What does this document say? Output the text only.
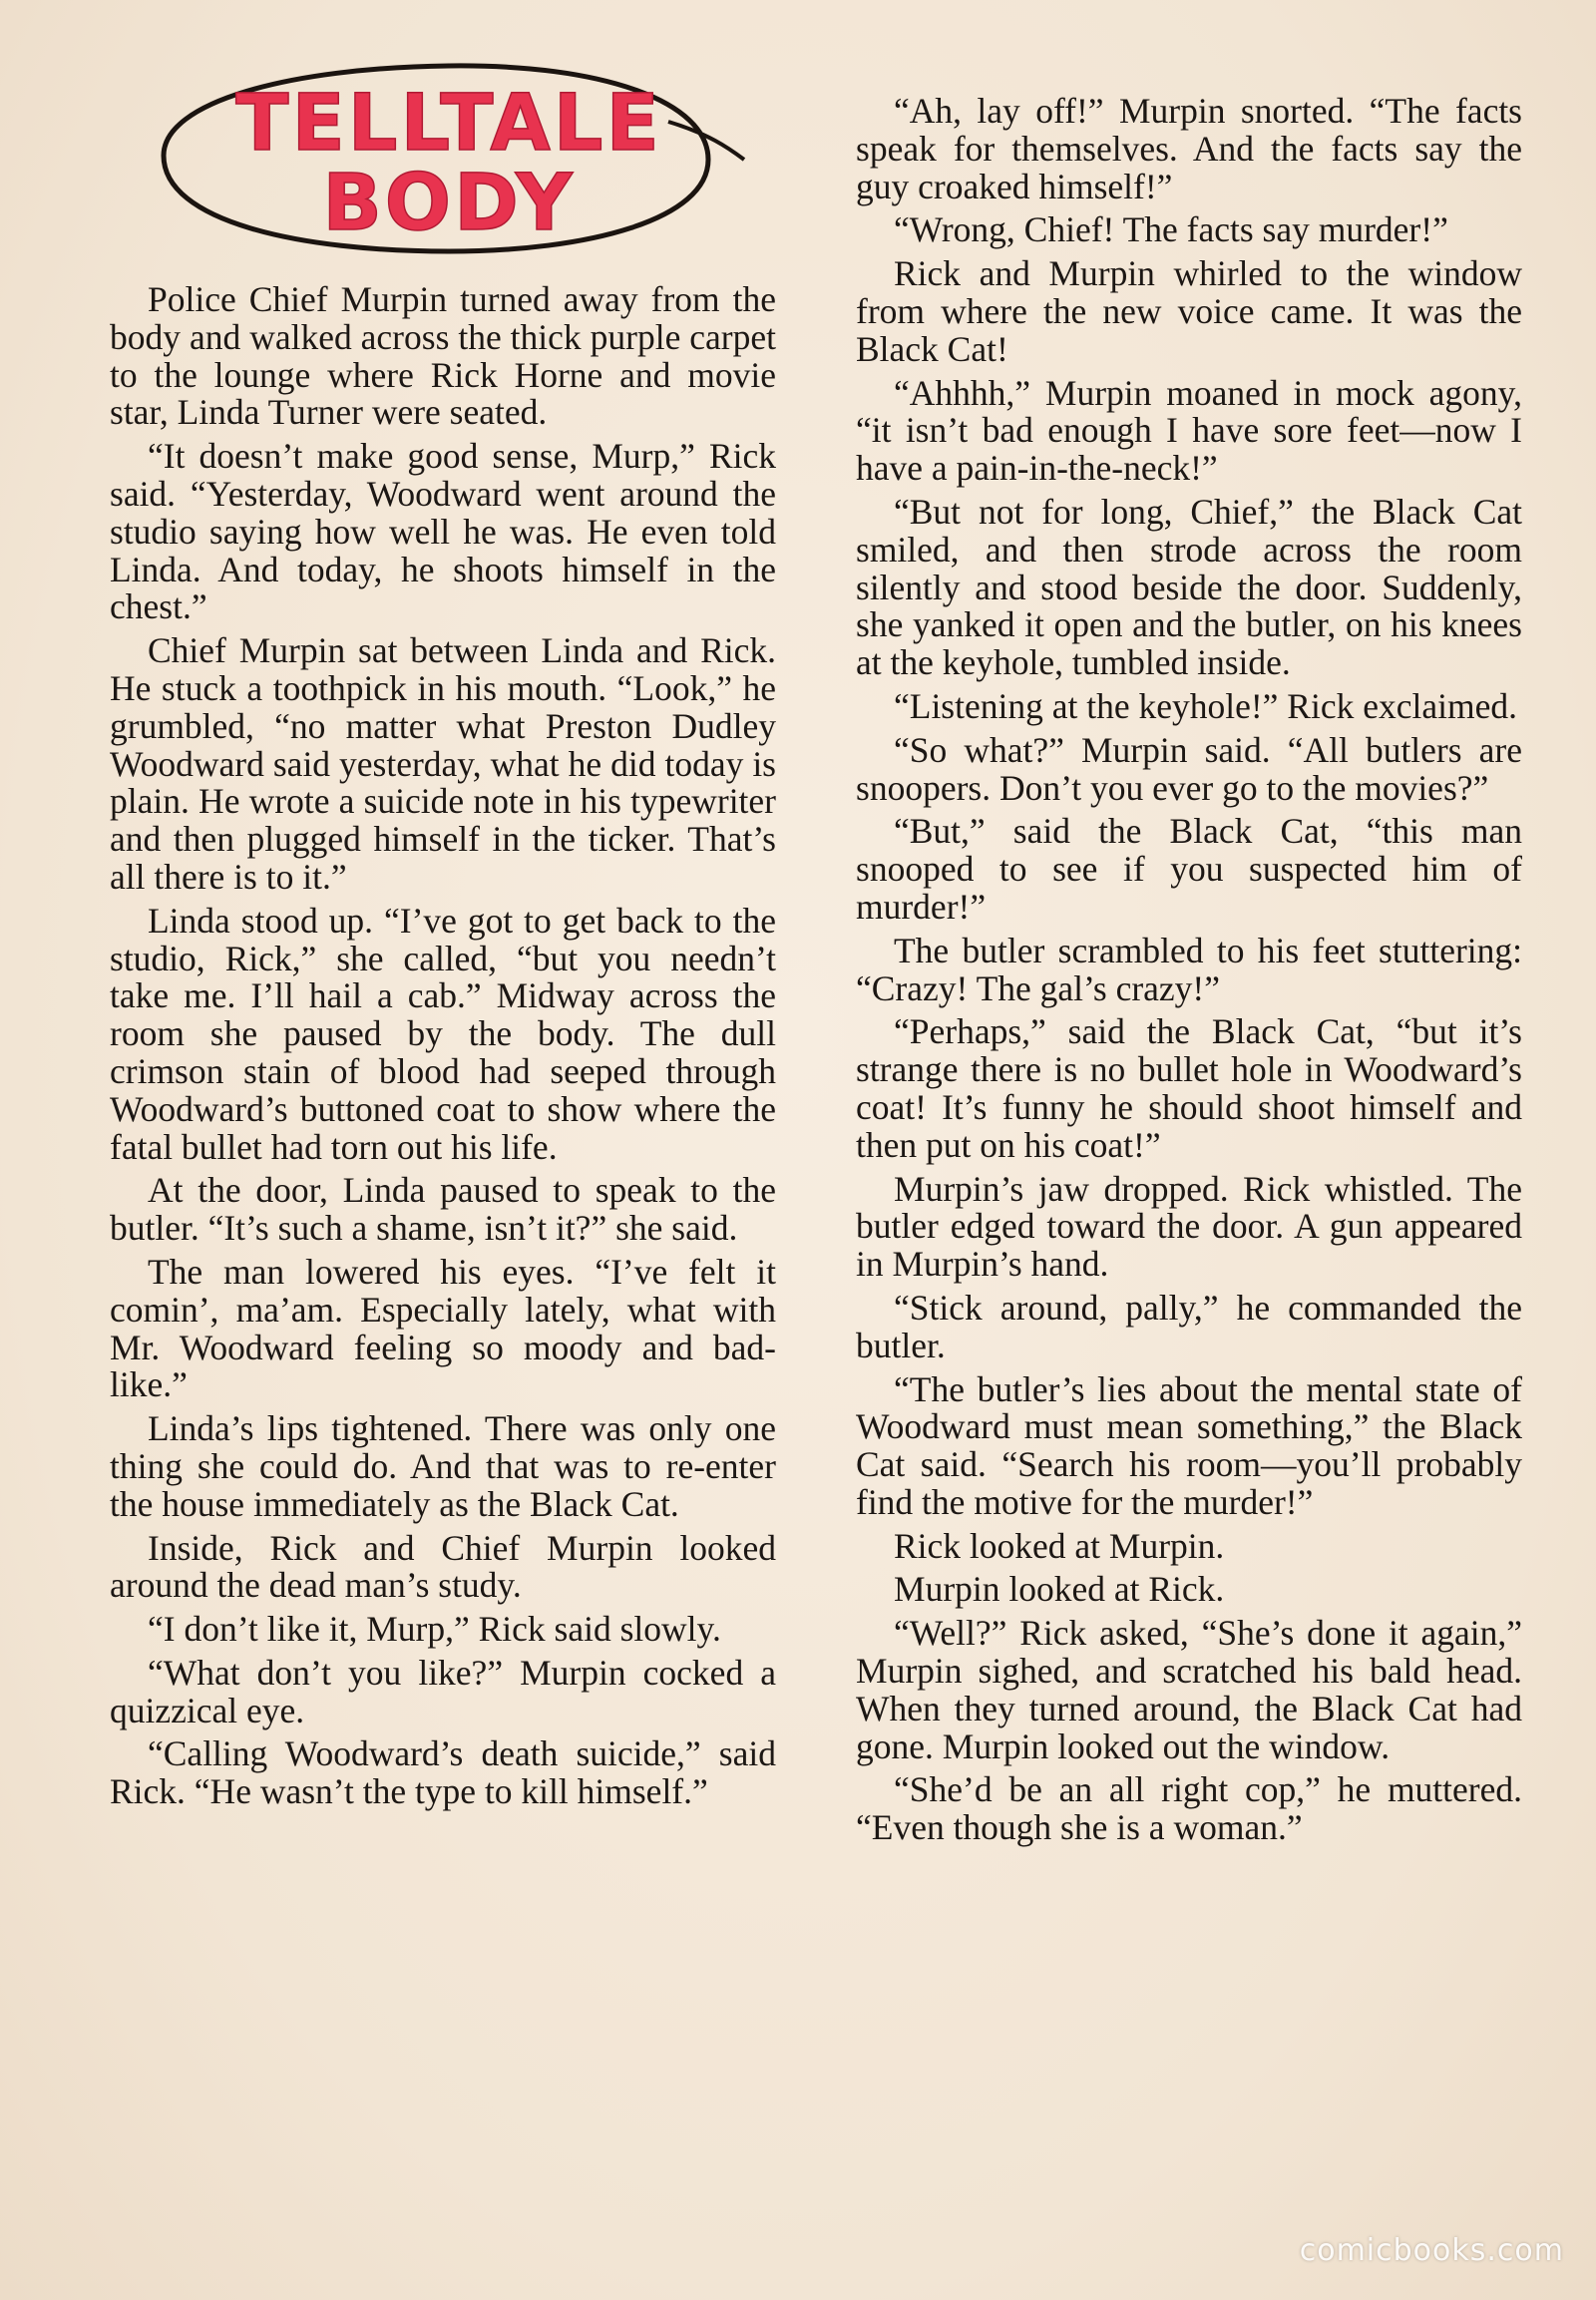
TELLTALE
BODY

Police Chief Murpin turned away from the body and walked across the thick purple carpet to the lounge where Rick Horne and movie star, Linda Turner were seated.

“It doesn’t make good sense, Murp,” Rick said. “Yesterday, Woodward went around the studio saying how well he was. He even told Linda. And today, he shoots himself in the chest.”

Chief Murpin sat between Linda and Rick. He stuck a toothpick in his mouth. “Look,” he grumbled, “no matter what Preston Dudley Woodward said yesterday, what he did today is plain. He wrote a suicide note in his typewriter and then plugged himself in the ticker. That’s all there is to it.”

Linda stood up. “I’ve got to get back to the studio, Rick,” she called, “but you needn’t take me. I’ll hail a cab.” Midway across the room she paused by the body. The dull crimson stain of blood had seeped through Woodward’s buttoned coat to show where the fatal bullet had torn out his life.

At the door, Linda paused to speak to the butler. “It’s such a shame, isn’t it?” she said.

The man lowered his eyes. “I’ve felt it comin’, ma’am. Especially lately, what with Mr. Woodward feeling so moody and bad-like.”

Linda’s lips tightened. There was only one thing she could do. And that was to re-enter the house immediately as the Black Cat.

Inside, Rick and Chief Murpin looked around the dead man’s study.

“I don’t like it, Murp,” Rick said slowly.

“What don’t you like?” Murpin cocked a quizzical eye.

“Calling Woodward’s death suicide,” said Rick. “He wasn’t the type to kill himself.”

“Ah, lay off!” Murpin snorted. “The facts speak for themselves. And the facts say the guy croaked himself!”

“Wrong, Chief! The facts say murder!”

Rick and Murpin whirled to the window from where the new voice came. It was the Black Cat!

“Ahhhh,” Murpin moaned in mock agony, “it isn’t bad enough I have sore feet—now I have a pain-in-the-neck!”

“But not for long, Chief,” the Black Cat smiled, and then strode across the room silently and stood beside the door. Suddenly, she yanked it open and the butler, on his knees at the keyhole, tumbled inside.

“Listening at the keyhole!” Rick exclaimed.

“So what?” Murpin said. “All butlers are snoopers. Don’t you ever go to the movies?”

“But,” said the Black Cat, “this man snooped to see if you suspected him of murder!”

The butler scrambled to his feet stuttering: “Crazy! The gal’s crazy!”

“Perhaps,” said the Black Cat, “but it’s strange there is no bullet hole in Woodward’s coat! It’s funny he should shoot himself and then put on his coat!”

Murpin’s jaw dropped. Rick whistled. The butler edged toward the door. A gun appeared in Murpin’s hand.

“Stick around, pally,” he commanded the butler.

“The butler’s lies about the mental state of Woodward must mean something,” the Black Cat said. “Search his room—you’ll probably find the motive for the murder!”

Rick looked at Murpin.

Murpin looked at Rick.

“Well?” Rick asked, “She’s done it again,” Murpin sighed, and scratched his bald head. When they turned around, the Black Cat had gone. Murpin looked out the window.

“She’d be an all right cop,” he muttered. “Even though she is a woman.”

comicbooks.com
